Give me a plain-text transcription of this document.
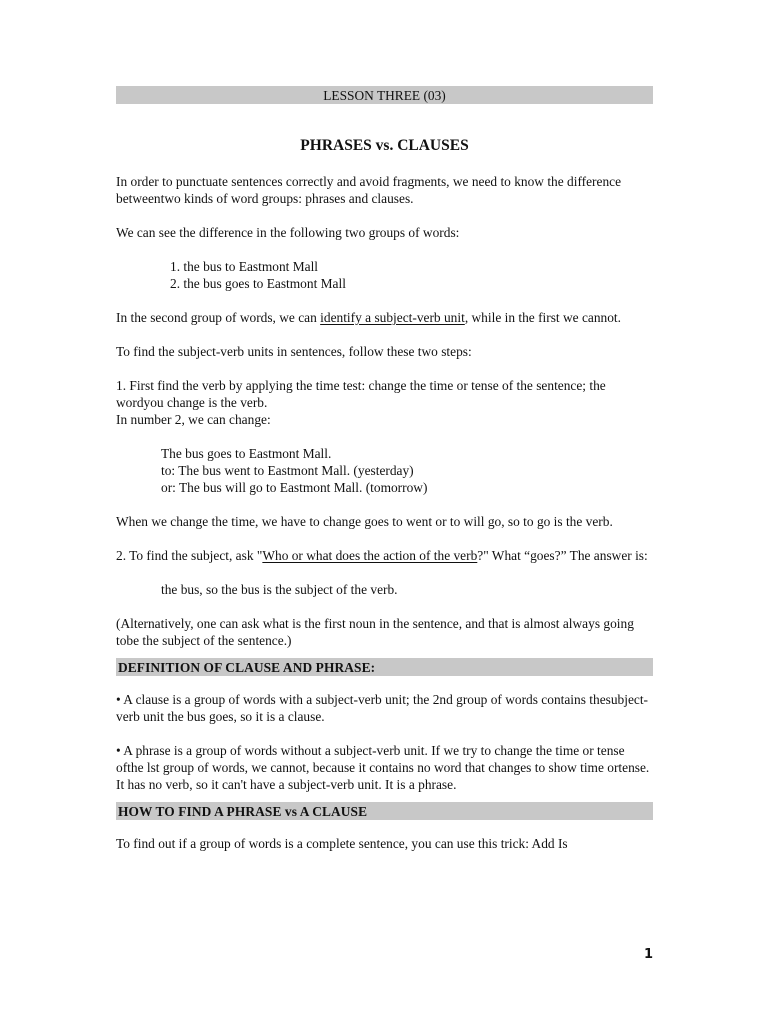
LESSON THREE (03)
PHRASES vs. CLAUSES

In order to punctuate sentences correctly and avoid fragments, we need to know the difference betweentwo kinds of word groups: phrases and clauses.

We can see the difference in the following two groups of words:

1. the bus to Eastmont Mall

2. the bus goes to Eastmont Mall

In the second group of words, we can identify a subject-verb unit, while in the first we cannot.

To find the subject-verb units in sentences, follow these two steps:

1. First find the verb by applying the time test: change the time or tense of the sentence; the wordyou change is the verb.

In number 2, we can change:

The bus goes to Eastmont Mall.

to: The bus went to Eastmont Mall. (yesterday)

or: The bus will go to Eastmont Mall. (tomorrow)

When we change the time, we have to change goes to went or to will go, so to go is the verb.

2. To find the subject, ask "Who or what does the action of the verb?" What “goes?” The answer is:

the bus, so the bus is the subject of the verb.

(Alternatively, one can ask what is the first noun in the sentence, and that is almost always going tobe the subject of the sentence.)

DEFINITION OF CLAUSE AND PHRASE:

• A clause is a group of words with a subject-verb unit; the 2nd group of words contains thesubject-verb unit the bus goes, so it is a clause.

• A phrase is a group of words without a subject-verb unit. If we try to change the time or tense ofthe lst group of words, we cannot, because it contains no word that changes to show time ortense. It has no verb, so it can't have a subject-verb unit. It is a phrase.

HOW TO FIND A PHRASE vs A CLAUSE

To find out if a group of words is a complete sentence, you can use this trick: Add Is

1
